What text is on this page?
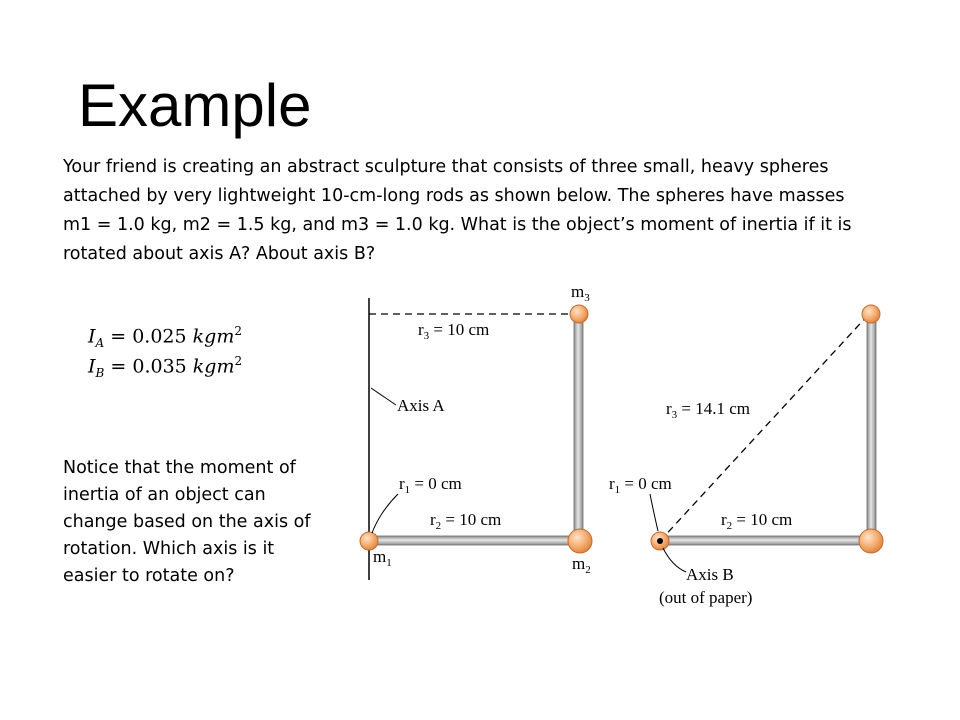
Example

Your friend is creating an abstract sculpture that consists of three small, heavy spheres attached by very lightweight 10-cm-long rods as shown below. The spheres have masses m1 = 1.0 kg, m2 = 1.5 kg, and m3 = 1.0 kg. What is the object’s moment of inertia if it is rotated about axis A? About axis B?

$I_A = 0.025$ kgm$^2$
$I_B = 0.035$ kgm$^2$

Notice that the moment of inertia of an object can change based on the axis of rotation. Which axis is it easier to rotate on?

$m_3$
$r_3 = 10$ cm
Axis A
$r_1 = 0$ cm
$r_2 = 10$ cm
$m_1$	$m_2$
$r_3 = 14.1$ cm
$r_1 = 0$ cm
$r_2 = 10$ cm
Axis B
(out of paper)
